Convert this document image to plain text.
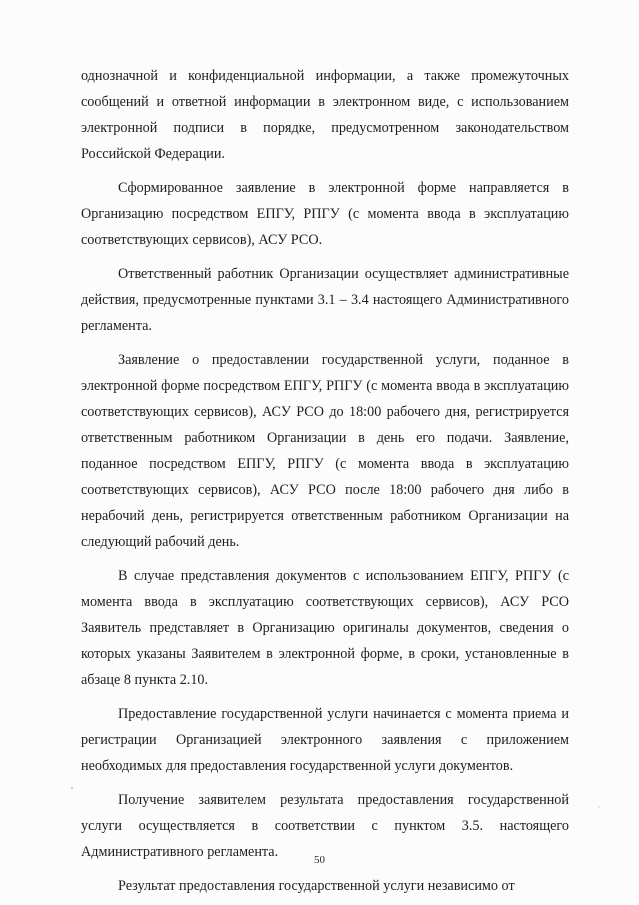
однозначной и конфиденциальной информации, а также промежуточных сообщений и ответной информации в электронном виде, с использованием электронной подписи в порядке, предусмотренном законодательством Российской Федерации.

Сформированное заявление в электронной форме направляется в Организацию посредством ЕПГУ, РПГУ (с момента ввода в эксплуатацию соответствующих сервисов), АСУ РСО.

Ответственный работник Организации осуществляет административные действия, предусмотренные пунктами 3.1 – 3.4 настоящего Административного регламента.

Заявление о предоставлении государственной услуги, поданное в электронной форме посредством ЕПГУ, РПГУ (с момента ввода в эксплуатацию соответствующих сервисов), АСУ РСО до 18:00 рабочего дня, регистрируется ответственным работником Организации в день его подачи. Заявление, поданное посредством ЕПГУ, РПГУ (с момента ввода в эксплуатацию соответствующих сервисов), АСУ РСО после 18:00 рабочего дня либо в нерабочий день, регистрируется ответственным работником Организации на следующий рабочий день.

В случае представления документов с использованием ЕПГУ, РПГУ (с момента ввода в эксплуатацию соответствующих сервисов), АСУ РСО Заявитель представляет в Организацию оригиналы документов, сведения о которых указаны Заявителем в электронной форме, в сроки, установленные в абзаце 8 пункта 2.10.

Предоставление государственной услуги начинается с момента приема и регистрации Организацией электронного заявления с приложением необходимых для предоставления государственной услуги документов.

Получение заявителем результата предоставления государственной услуги осуществляется в соответствии с пунктом 3.5. настоящего Административного регламента.

Результат предоставления государственной услуги независимо от

50
